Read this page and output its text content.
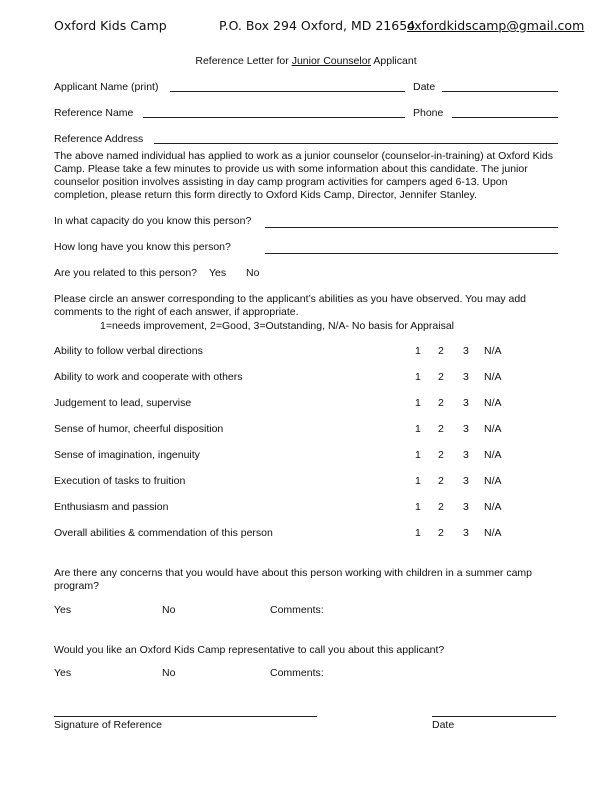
Oxford Kids Camp	P.O. Box 294 Oxford, MD 21654
oxfordkidscamp@gmail.com
Reference Letter for Junior Counselor Applicant
Applicant Name (print)	Date
Reference Name	Phone
Reference Address
The above named individual has applied to work as a junior counselor (counselor-in-training) at Oxford Kids Camp. Please take a few minutes to provide us with some information about this candidate. The junior counselor position involves assisting in day camp program activities for campers aged 6-13. Upon completion, please return this form directly to Oxford Kids Camp, Director, Jennifer Stanley.
In what capacity do you know this person?
How long have you know this person?
Are you related to this person? Yes No
Please circle an answer corresponding to the applicant’s abilities as you have observed. You may add comments to the right of each answer, if appropriate.
1=needs improvement, 2=Good, 3=Outstanding, N/A- No basis for Appraisal
Ability to follow verbal directions	1 2 3 N/A
Ability to work and cooperate with others	1 2 3 N/A
Judgement to lead, supervise	1 2 3 N/A
Sense of humor, cheerful disposition	1 2 3 N/A
Sense of imagination, ingenuity	1 2 3 N/A
Execution of tasks to fruition	1 2 3 N/A
Enthusiasm and passion	1 2 3 N/A
Overall abilities & commendation of this person	1 2 3 N/A
Are there any concerns that you would have about this person working with children in a summer camp program?
Yes	No	Comments:
Would you like an Oxford Kids Camp representative to call you about this applicant?
Yes	No	Comments:
Signature of Reference	Date
